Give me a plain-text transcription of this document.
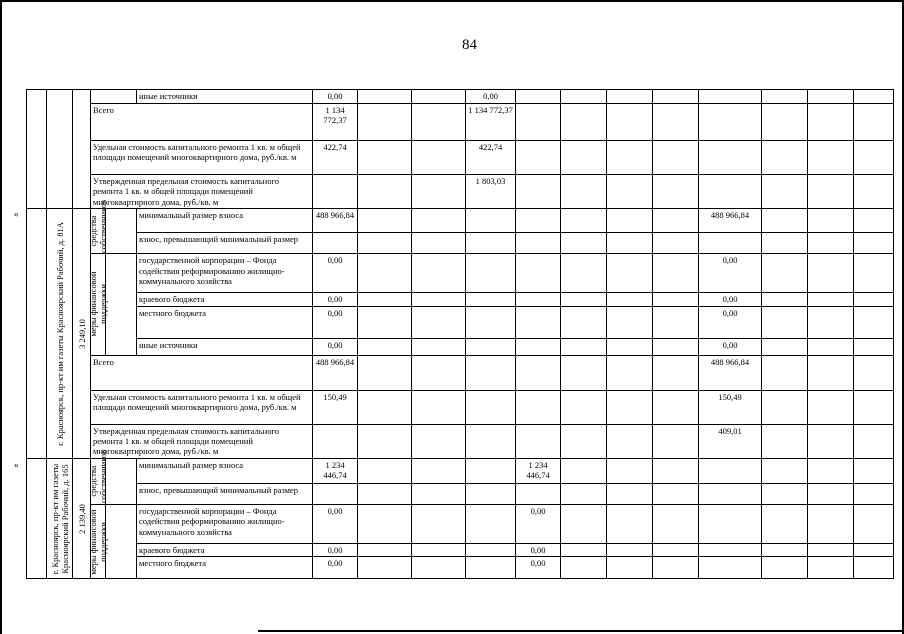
84
«
«
					иные источники	0,00			0,00								
			Всего			1 134 772,37			1 134 772,37								
			Удельная стоимость капитального ремонта 1 кв. м общей площади помещений многоквартирного дома, руб./кв. м			422,74			422,74								
			Утвержденная предельная стоимость капитального ремонта 1 кв. м общей площади помещений многоквартирного дома, руб./кв. м						1 803,03								

	г. Красноярск, пр-кт им газеты Красноярский Рабочий, д. 81А	3 249,10	средства собственников		минимальный размер взноса	488 966,84								488 966,84			
					взнос, превышающий минимальный размер												

			меры финансовой поддержки		государственной корпорации – Фонда содействия реформированию жилищно-коммунального хозяйства	0,00								0,00			
					краевого бюджета	0,00								0,00			
					местного бюджета	0,00								0,00			
					иные источники	0,00								0,00			
			Всего			488 966,84								488 966,84			
			Удельная стоимость капитального ремонта 1 кв. м общей площади помещений многоквартирного дома, руб./кв. м			150,49								150,49			
			Утвержденная предельная стоимость капитального ремонта 1 кв. м общей площади помещений многоквартирного дома, руб./кв. м											409,01			

	г. Красноярск, пр-кт им газеты Красноярский Рабочий, д. 165	2 139,40	средства собственников		минимальный размер взноса	1 234 446,74				1 234 446,74							
					взнос, превышающий минимальный размер												

			меры финансовой поддержки		государственной корпорации – Фонда содействия реформированию жилищно-коммунального хозяйства	0,00				0,00							
					краевого бюджета	0,00				0,00							
					местного бюджета	0,00				0,00							
